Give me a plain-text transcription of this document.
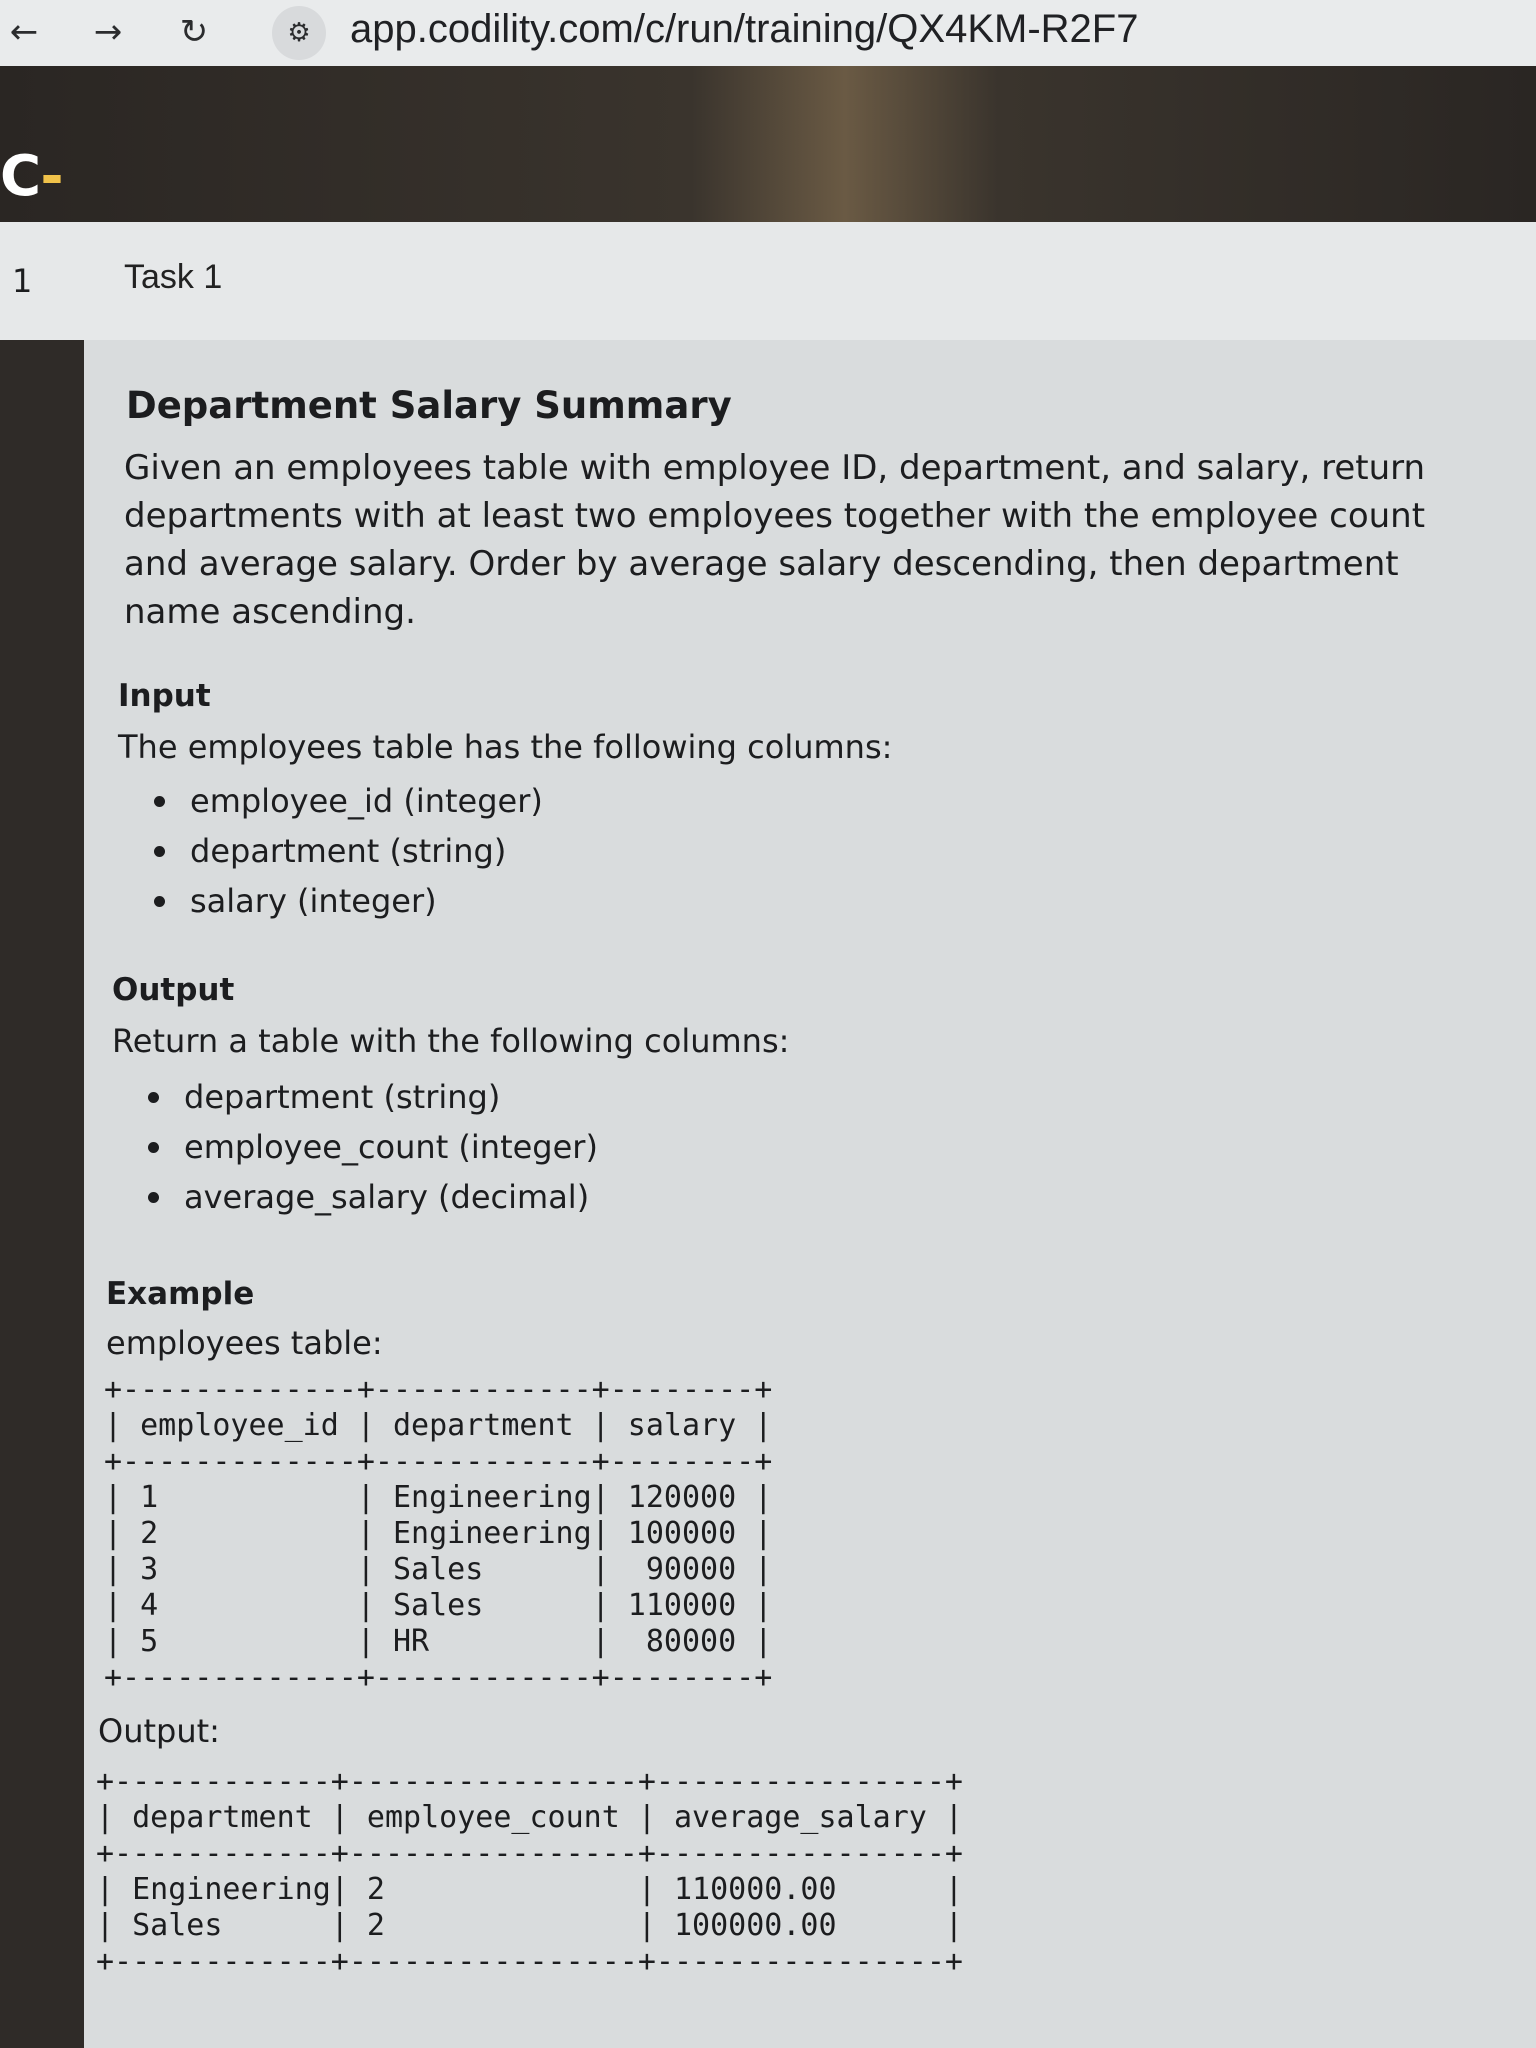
← → ↻	⚙ app.codility.com/c/run/training/QX4KM-R2F7
C-
1	Task 1
Department Salary Summary

Given an employees table with employee ID, department, and salary, return departments with at least two employees together with the employee count and average salary. Order by average salary descending, then department name ascending.

Input

The employees table has the following columns:

employee_id (integer)
department (string)
salary (integer)
Output

Return a table with the following columns:

department (string)
employee_count (integer)
average_salary (decimal)
Example

employees table:

+-------------+------------+--------+
| employee_id | department | salary |
+-------------+------------+--------+
| 1           | Engineering| 120000 |
| 2           | Engineering| 100000 |
| 3           | Sales      |  90000 |
| 4           | Sales      | 110000 |
| 5           | HR         |  80000 |
+-------------+------------+--------+

Output:

+------------+----------------+----------------+
| department | employee_count | average_salary |
+------------+----------------+----------------+
| Engineering| 2              | 110000.00      |
| Sales      | 2              | 100000.00      |
+------------+----------------+----------------+
